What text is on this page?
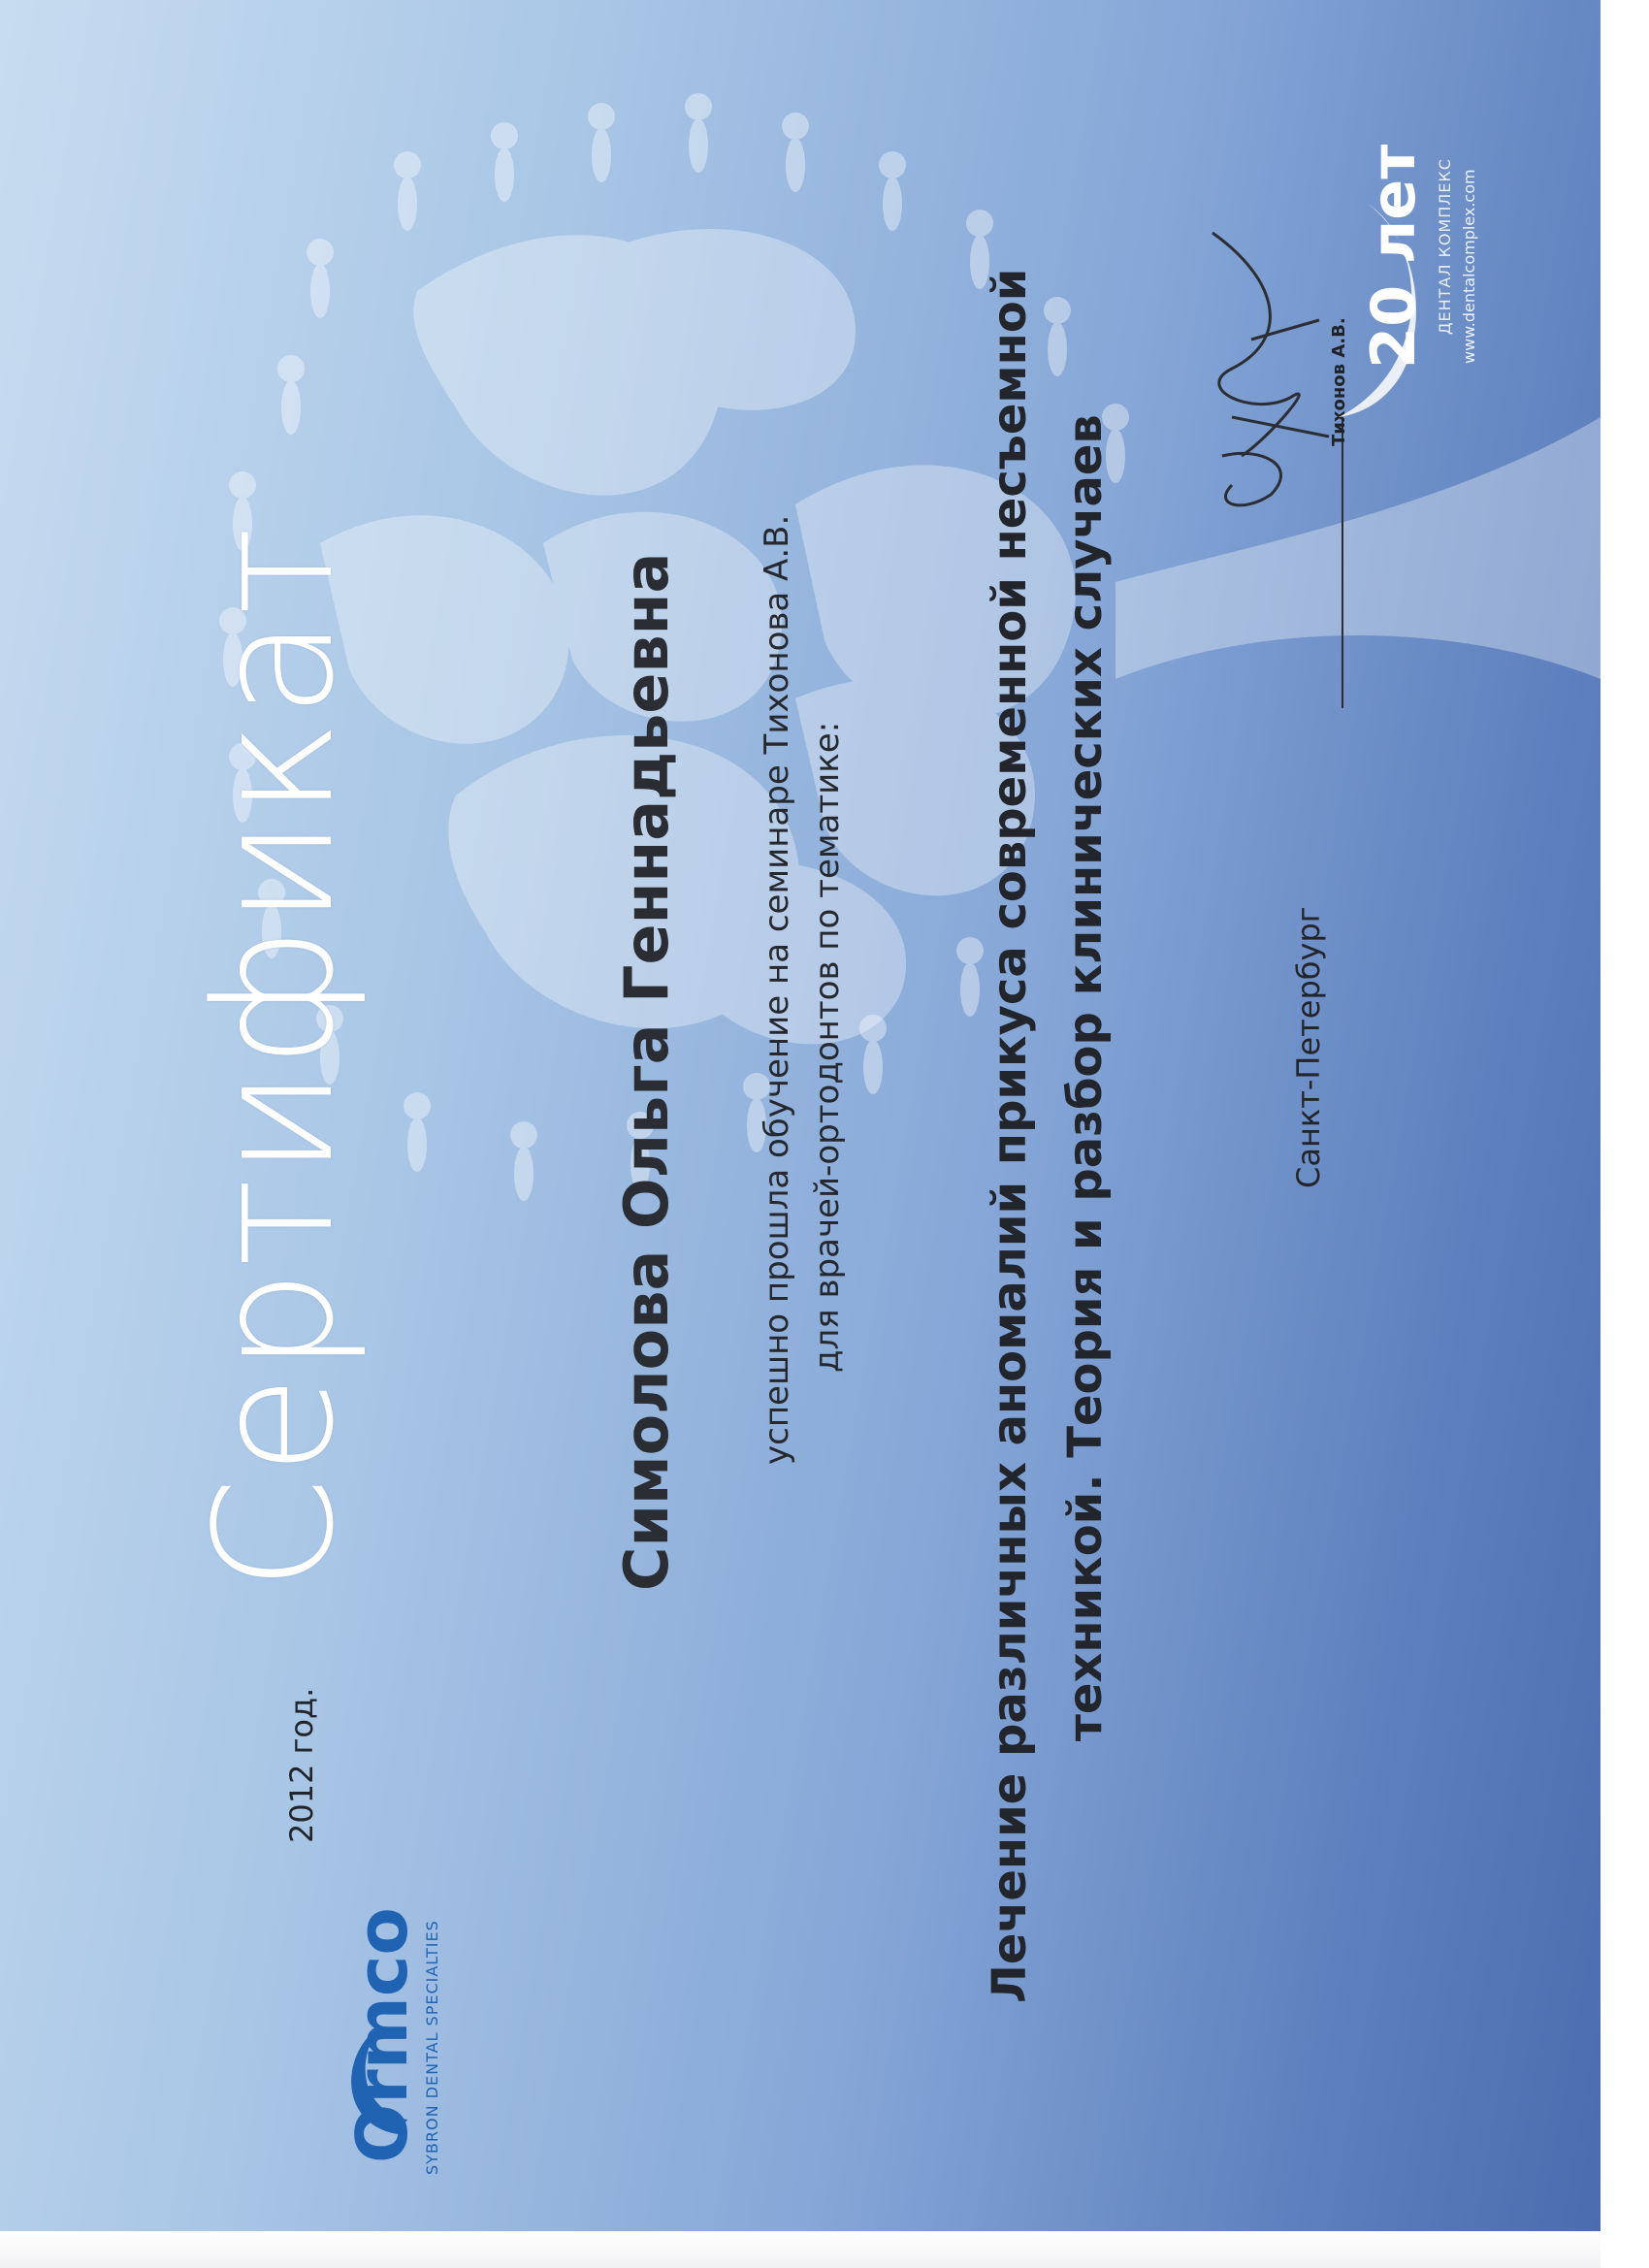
Сертификат	Симолова Ольга Геннадьевна успешно прошла обучение на семинаре Тихонова А.В. для врачей-ортодонтов по тематике:	Лечение различных аномалий прикуса современной несъемной техникой. Теория и разбор клинических случаев
2012 год.
Санкт-Петербург
Тихонов А.В.
20 лет ДЕНТАЛ КОМПЛЕКС www.dentalcomplex.com
Ormco SYBRON DENTAL SPECIALTIES
